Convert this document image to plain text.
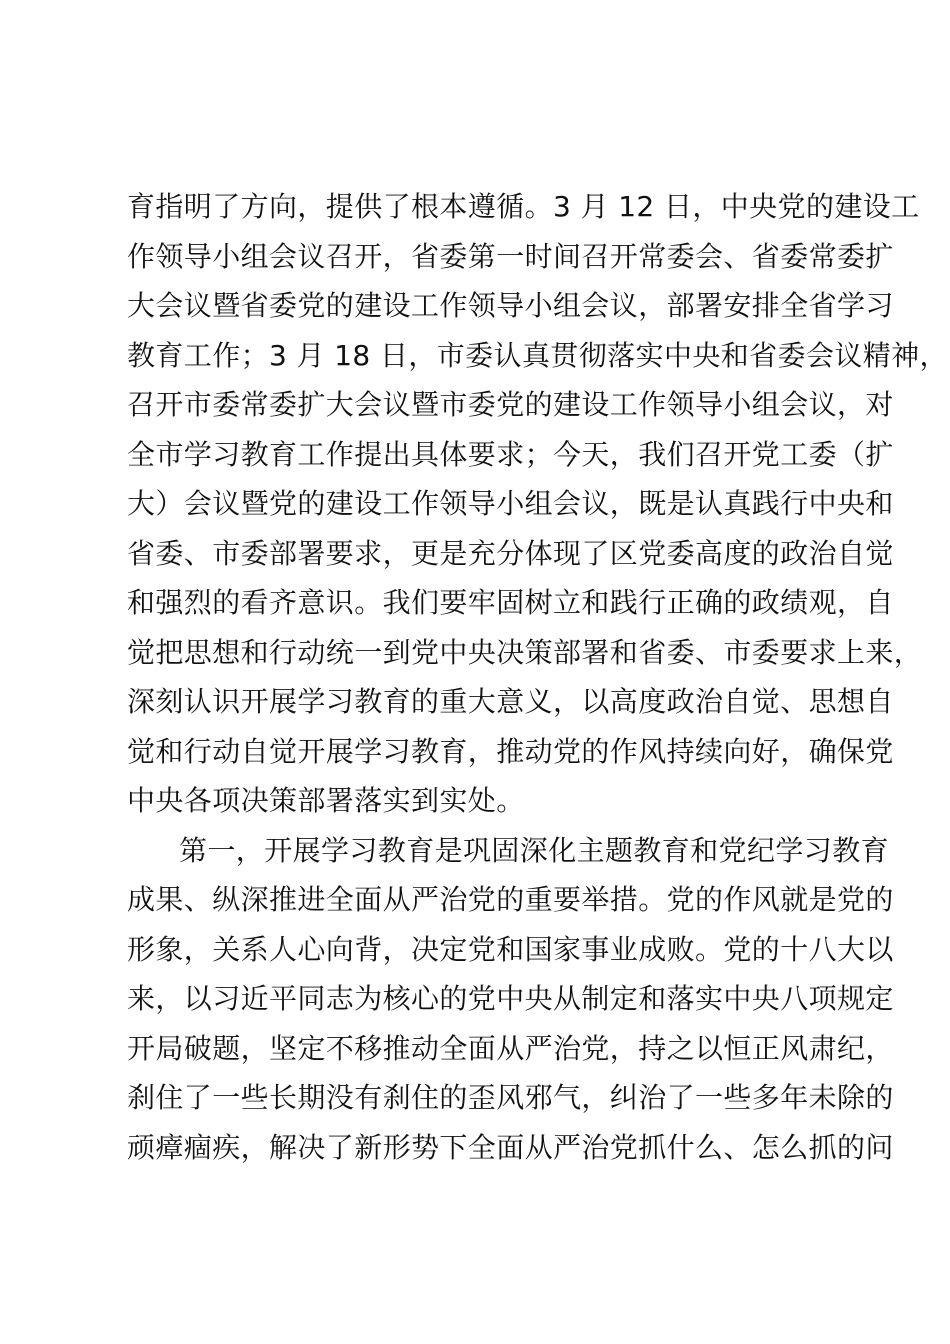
育指明了方向，提供了根本遵循。3 月 12 日，中央党的建设工
作领导小组会议召开，省委第一时间召开常委会、省委常委扩
大会议暨省委党的建设工作领导小组会议，部署安排全省学习
教育工作；3 月 18 日，市委认真贯彻落实中央和省委会议精神，
召开市委常委扩大会议暨市委党的建设工作领导小组会议，对
全市学习教育工作提出具体要求；今天，我们召开党工委（扩
大）会议暨党的建设工作领导小组会议，既是认真践行中央和
省委、市委部署要求，更是充分体现了区党委高度的政治自觉
和强烈的看齐意识。我们要牢固树立和践行正确的政绩观，自
觉把思想和行动统一到党中央决策部署和省委、市委要求上来，
深刻认识开展学习教育的重大意义，以高度政治自觉、思想自
觉和行动自觉开展学习教育，推动党的作风持续向好，确保党
中央各项决策部署落实到实处。
第一，开展学习教育是巩固深化主题教育和党纪学习教育
成果、纵深推进全面从严治党的重要举措。党的作风就是党的
形象，关系人心向背，决定党和国家事业成败。党的十八大以
来，以习近平同志为核心的党中央从制定和落实中央八项规定
开局破题，坚定不移推动全面从严治党，持之以恒正风肃纪，
刹住了一些长期没有刹住的歪风邪气，纠治了一些多年未除的
顽瘴痼疾，解决了新形势下全面从严治党抓什么、怎么抓的问
